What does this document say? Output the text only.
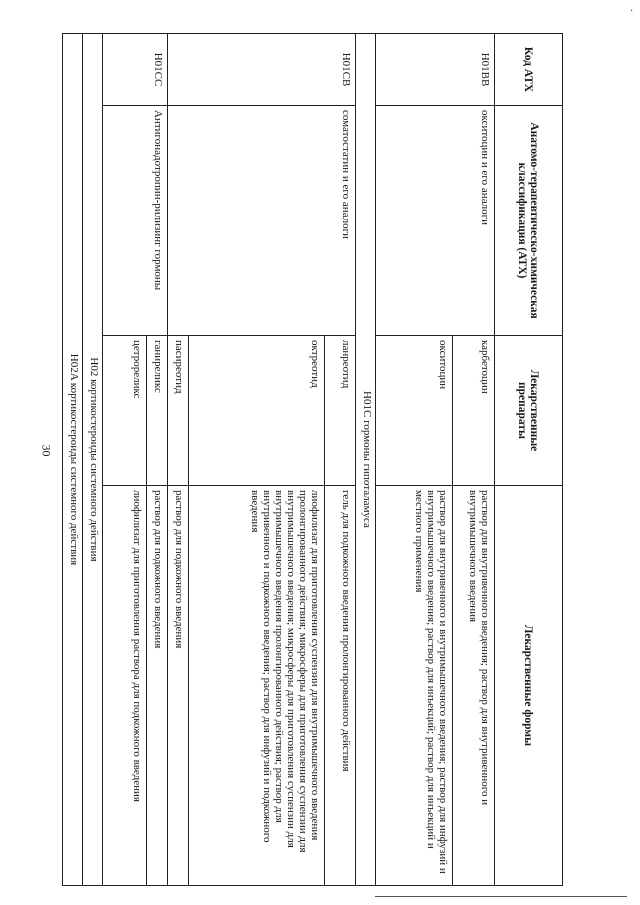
·
30
Код АТХ	Анатомо-терапевтическо-химическая классификация (АТХ)	Лекарственные препараты	Лекарственные формы
H01BB	окситоцин и его аналоги	карбетоцин	раствор для внутривенного введения; раствор для внутривенного и внутримышечного введения
		окситоцин	раствор для внутривенного и внутримышечного введения; раствор для инфузий и внутримышечного введения; раствор для инъекций; раствор для инъекций и местного применения
H01C гормоны гипоталамуса			
H01CB	соматостатин и его аналоги	ланреотид	гель для подкожного введения пролонгированного действия
		октреотид	лиофилизат для приготовления суспензии для внутримышечного введения пролонгированного действия; микросферы для приготовления суспензии для внутримышечного введения; микросферы для приготовления суспензии для внутримышечного введения пролонгированного действия; раствор для внутривенного и подкожного введения; раствор для инфузий и подкожного введения
		пасиреотид	раствор для подкожного введения
H01CC	Антигонадотропин-рилизинг гормоны	ганиреликс	раствор для подкожного введения
		цетрореликс	лиофилизат для приготовления раствора для подкожного введения
H02 кортикостероиды системного действия			
H02A кортикостероиды системного действия			
